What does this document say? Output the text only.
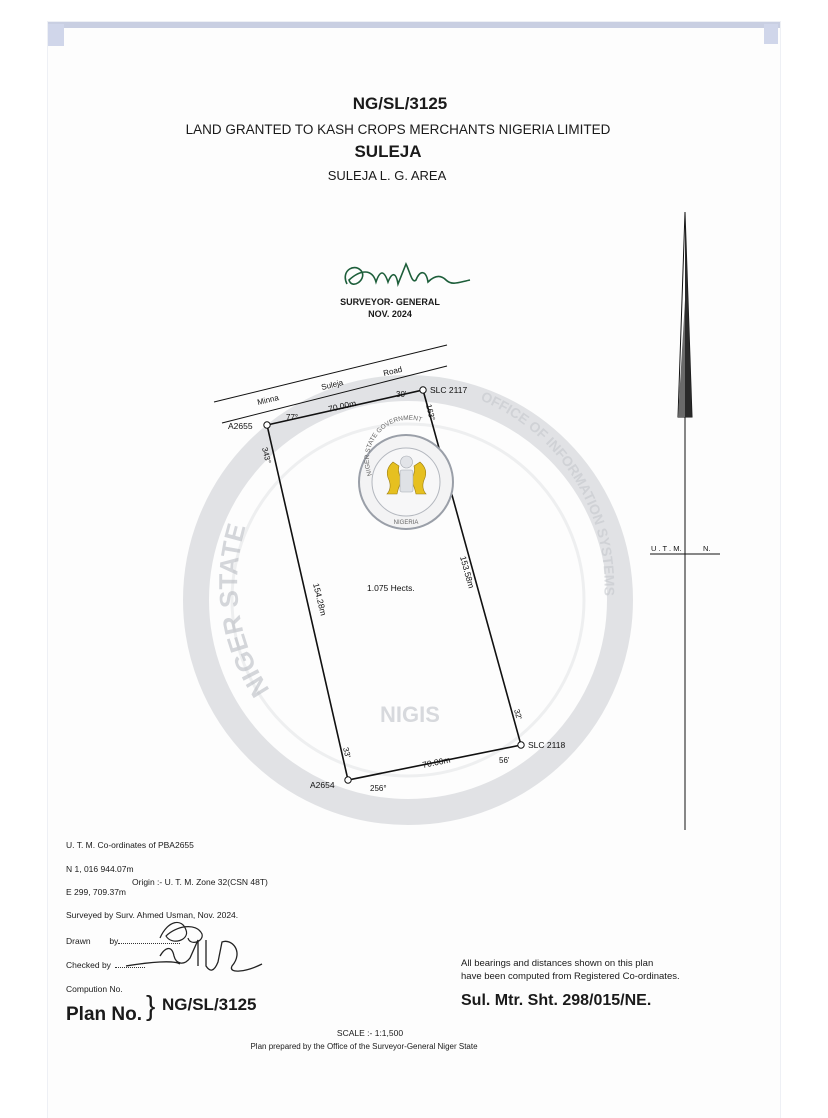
NG/SL/3125
LAND GRANTED TO KASH CROPS MERCHANTS NIGERIA LIMITED
SULEJA
SULEJA L. G. AREA
NIGER STATE
OFFICE OF INFORMATION SYSTEMS
NIGIS
Minna
Suleja
Road
A2655
SLC 2117
SLC 2118
A2654
70.00m
153.58m
70.00m
154.28m
77°
30'
163°
343°
32'
56'
33'
256°
1.075 Hects.
NIGER STATE GOVERNMENT
NIGERIA
U . T . M.	N.
SURVEYOR- GENERAL
NOV. 2024
U. T. M. Co-ordinates of PBA2655
N 1, 016 944.07m
Origin :- U. T. M. Zone 32(CSN 48T)
E 299, 709.37m
Surveyed by Surv. Ahmed Usman, Nov. 2024.
Drawn by
Checked by
Compution No.
Plan No. } NG/SL/3125
All bearings and distances shown on this plan
have been computed from Registered Co-ordinates.
Sul. Mtr. Sht. 298/015/NE.
SCALE :- 1:1,500
Plan prepared by the Office of the Surveyor-General Niger State
